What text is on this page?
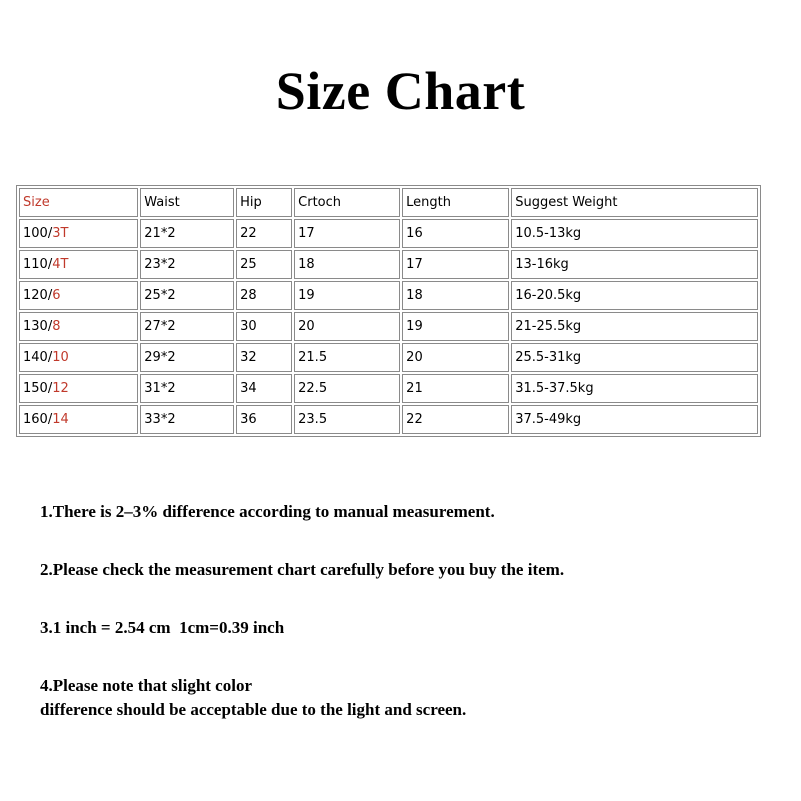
Size Chart
Size	Waist	Hip	Crtoch	Length	Suggest Weight
100/3T	21*2	22	17	16	10.5-13kg
110/4T	23*2	25	18	17	13-16kg
120/6	25*2	28	19	18	16-20.5kg
130/8	27*2	30	20	19	21-25.5kg
140/10	29*2	32	21.5	20	25.5-31kg
150/12	31*2	34	22.5	21	31.5-37.5kg
160/14	33*2	36	23.5	22	37.5-49kg

1.There is 2–3% difference according to manual measurement.

2.Please check the measurement chart carefully before you buy the item.

3.1 inch = 2.54 cm  1cm=0.39 inch

4.Please note that slight color
difference should be acceptable due to the light and screen.
